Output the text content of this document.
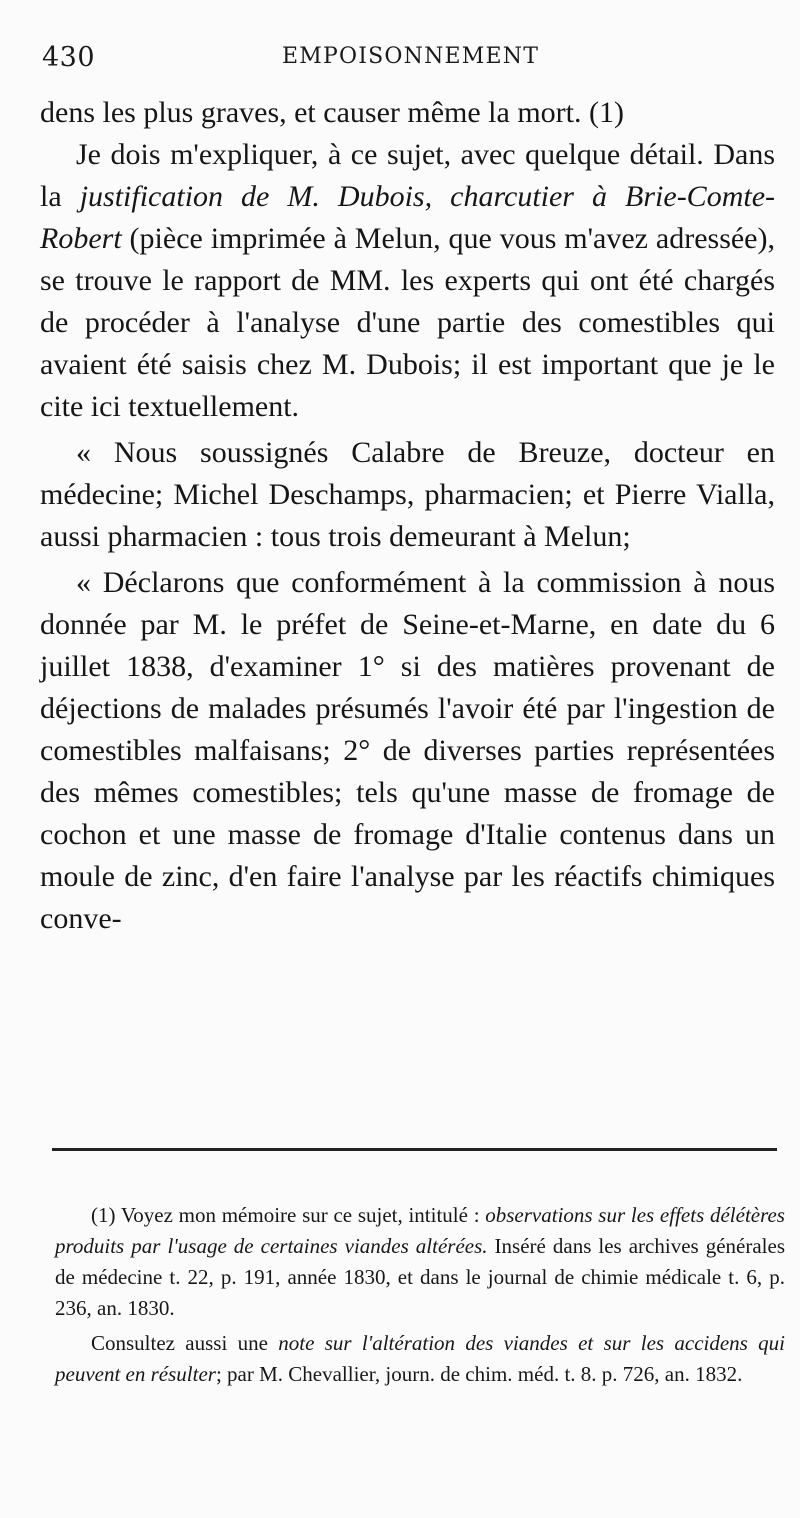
430	EMPOISONNEMENT

dens les plus graves, et causer même la mort. (1)

Je dois m'expliquer, à ce sujet, avec quelque détail. Dans la justification de M. Dubois, charcutier à Brie-Comte-Robert (pièce imprimée à Melun, que vous m'avez adressée), se trouve le rapport de MM. les experts qui ont été chargés de procéder à l'analyse d'une partie des comestibles qui avaient été saisis chez M. Dubois; il est important que je le cite ici textuellement.

« Nous soussignés Calabre de Breuze, docteur en médecine; Michel Deschamps, pharmacien; et Pierre Vialla, aussi pharmacien : tous trois demeurant à Melun;

« Déclarons que conformément à la commission à nous donnée par M. le préfet de Seine-et-Marne, en date du 6 juillet 1838, d'examiner 1° si des matières provenant de déjections de malades présumés l'avoir été par l'ingestion de comestibles malfaisans; 2° de diverses parties représentées des mêmes comestibles; tels qu'une masse de fromage de cochon et une masse de fromage d'Italie contenus dans un moule de zinc, d'en faire l'analyse par les réactifs chimiques conve-

(1) Voyez mon mémoire sur ce sujet, intitulé : observations sur les effets délétères produits par l'usage de certaines viandes altérées. Inséré dans les archives générales de médecine t. 22, p. 191, année 1830, et dans le journal de chimie médicale t. 6, p. 236, an. 1830.

Consultez aussi une note sur l'altération des viandes et sur les accidens qui peuvent en résulter; par M. Chevallier, journ. de chim. méd. t. 8. p. 726, an. 1832.
